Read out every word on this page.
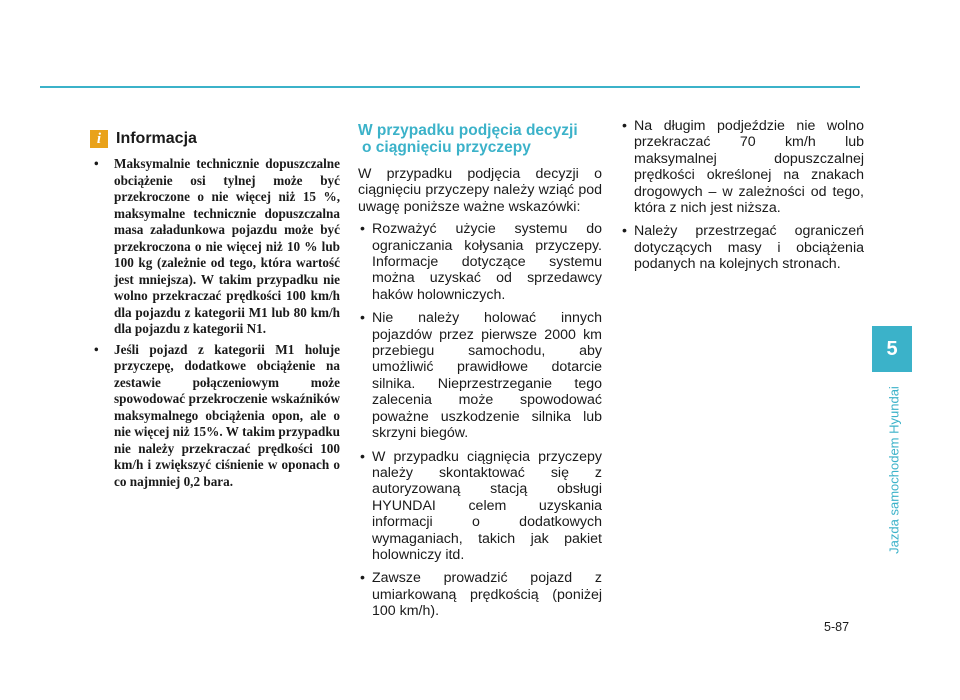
i Informacja
• Maksymalnie technicznie dopuszczalne obciążenie osi tylnej może być przekroczone o nie więcej niż 15 %, maksymalne technicznie dopuszczalna masa załadunkowa pojazdu może być przekroczona o nie więcej niż 10 % lub 100 kg (zależnie od tego, która wartość jest mniejsza). W takim przypadku nie wolno przekraczać prędkości 100 km/h dla pojazdu z kategorii M1 lub 80 km/h dla pojazdu z kategorii N1.
• Jeśli pojazd z kategorii M1 holuje przyczepę, dodatkowe obciążenie na zestawie połączeniowym może spowodować przekroczenie wskaźników maksymalnego obciążenia opon, ale o nie więcej niż 15%. W takim przypadku nie należy przekraczać prędkości 100 km/h i zwiększyć ciśnienie w oponach o co najmniej 0,2 bara.
W przypadku podjęcia decyzji
o ciągnięciu przyczepy

W przypadku podjęcia decyzji o ciągnięciu przyczepy należy wziąć pod uwagę poniższe ważne wskazówki:

• Rozważyć użycie systemu do ograniczania kołysania przyczepy. Informacje dotyczące systemu można uzyskać od sprzedawcy haków holowniczych.
• Nie należy holować innych pojazdów przez pierwsze 2000 km przebiegu samochodu, aby umożliwić prawidłowe dotarcie silnika. Nieprzestrzeganie tego zalecenia może spowodować poważne uszkodzenie silnika lub skrzyni biegów.
• W przypadku ciągnięcia przyczepy należy skontaktować się z autoryzowaną stacją obsługi HYUNDAI celem uzyskania informacji o dodatkowych wymaganiach, takich jak pakiet holowniczy itd.
• Zawsze prowadzić pojazd z umiarkowaną prędkością (poniżej 100 km/h).
• Na długim podjeździe nie wolno przekraczać 70 km/h lub maksymalnej dopuszczalnej prędkości określonej na znakach drogowych – w zależności od tego, która z nich jest niższa.
• Należy przestrzegać ograniczeń dotyczących masy i obciążenia podanych na kolejnych stronach.
5
Jazda samochodem Hyundai
5-87
